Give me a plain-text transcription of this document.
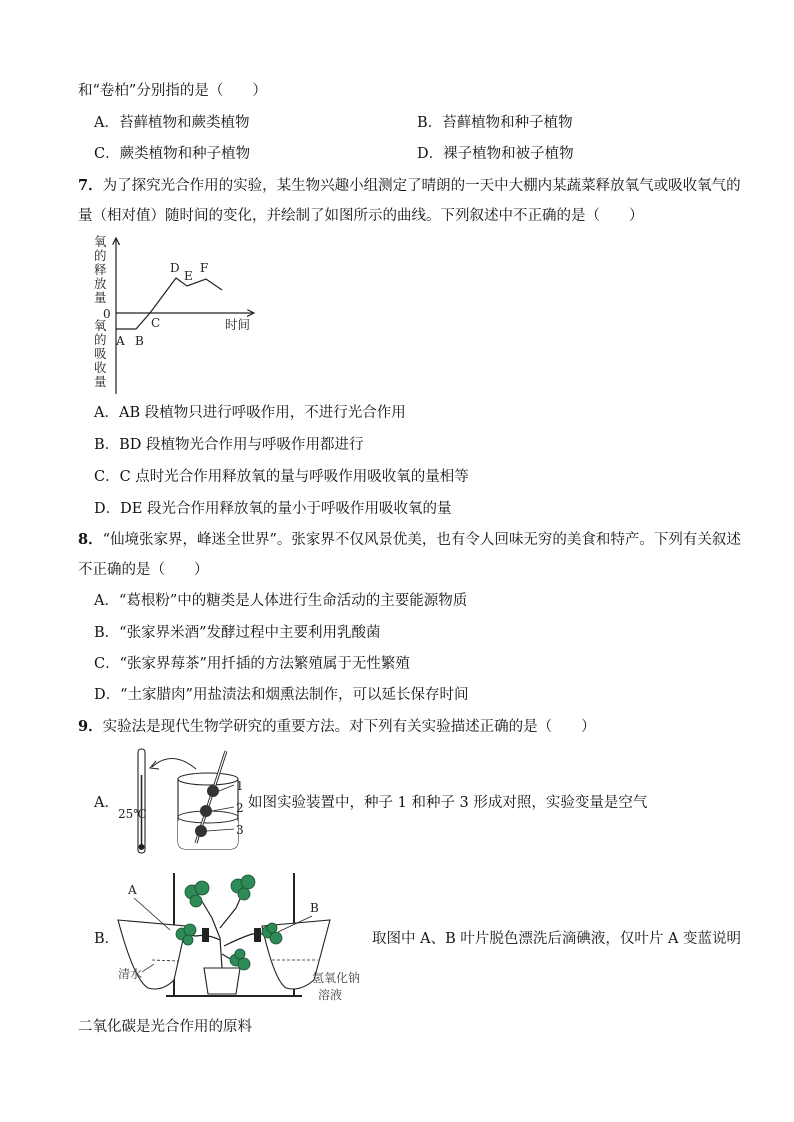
和“卷柏”分别指的是（　　）
A．苔藓植物和蕨类植物	B．苔藓植物和种子植物
C．蕨类植物和种子植物	D．裸子植物和被子植物
7．为了探究光合作用的实验，某生物兴趣小组测定了晴朗的一天中大棚内某蔬菜释放氧气或吸收氧气的
量（相对值）随时间的变化，并绘制了如图所示的曲线。下列叙述中不正确的是（　　）
氧
的
释
放
量
氧
的
吸
收
量
0
时间
A B
C
D
E
F
A．AB 段植物只进行呼吸作用，不进行光合作用
B．BD 段植物光合作用与呼吸作用都进行
C．C 点时光合作用释放氧的量与呼吸作用吸收氧的量相等
D．DE 段光合作用释放氧的量小于呼吸作用吸收氧的量
8．“仙境张家界，峰迷全世界”。张家界不仅风景优美，也有令人回味无穷的美食和特产。下列有关叙述
不正确的是（　　）
A．“葛根粉”中的糖类是人体进行生命活动的主要能源物质
B．“张家界米酒”发酵过程中主要利用乳酸菌
C．“张家界莓茶”用扦插的方法繁殖属于无性繁殖
D．“土家腊肉”用盐渍法和烟熏法制作，可以延长保存时间
9．实验法是现代生物学研究的重要方法。对下列有关实验描述正确的是（　　）
A．
25℃
1
2
3
如图实验装置中，种子 1 和种子 3 形成对照，实验变量是空气
B．
A
B
清水	氢氧化钠
溶液
取图中 A、B 叶片脱色漂洗后滴碘液，仅叶片 A 变蓝说明
二氧化碳是光合作用的原料
